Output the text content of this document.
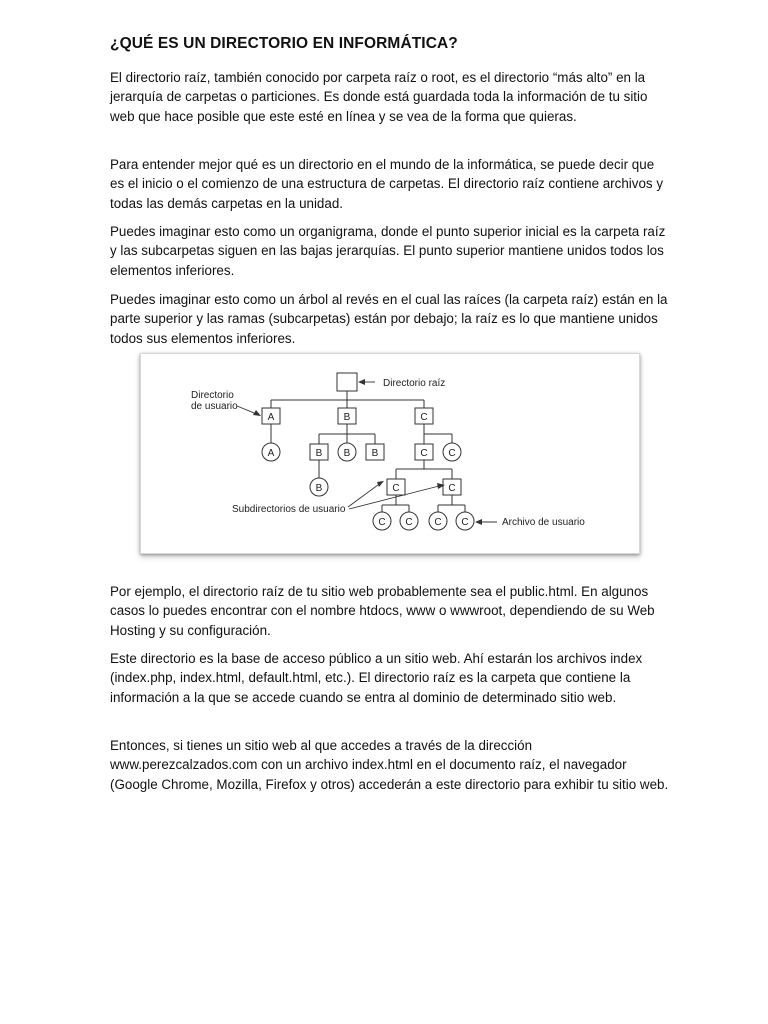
¿QUÉ ES UN DIRECTORIO EN INFORMÁTICA?

El directorio raíz, también conocido por carpeta raíz o root, es el directorio “más alto” en la jerarquía de carpetas o particiones. Es donde está guardada toda la información de tu sitio web que hace posible que este esté en línea y se vea de la forma que quieras.

Para entender mejor qué es un directorio en el mundo de la informática, se puede decir que es el inicio o el comienzo de una estructura de carpetas. El directorio raíz contiene archivos y todas las demás carpetas en la unidad.

Puedes imaginar esto como un organigrama, donde el punto superior inicial es la carpeta raíz y las subcarpetas siguen en las bajas jerarquías. El punto superior mantiene unidos todos los elementos inferiores.

Puedes imaginar esto como un árbol al revés en el cual las raíces (la carpeta raíz) están en la parte superior y las ramas (subcarpetas) están por debajo; la raíz es lo que mantiene unidos todos sus elementos inferiores.

A	B	C
A	B B B
B
C C
C	C
C C C C
Directorio raíz
Directorio
de usuario
Subdirectorios de usuario
Archivo de usuario

Por ejemplo, el directorio raíz de tu sitio web probablemente sea el public.html. En algunos casos lo puedes encontrar con el nombre htdocs, www o wwwroot, dependiendo de su Web Hosting y su configuración.

Este directorio es la base de acceso público a un sitio web. Ahí estarán los archivos index (index.php, index.html, default.html, etc.). El directorio raíz es la carpeta que contiene la información a la que se accede cuando se entra al dominio de determinado sitio web.

Entonces, si tienes un sitio web al que accedes a través de la dirección www.perezcalzados.com con un archivo index.html en el documento raíz, el navegador (Google Chrome, Mozilla, Firefox y otros) accederán a este directorio para exhibir tu sitio web.
